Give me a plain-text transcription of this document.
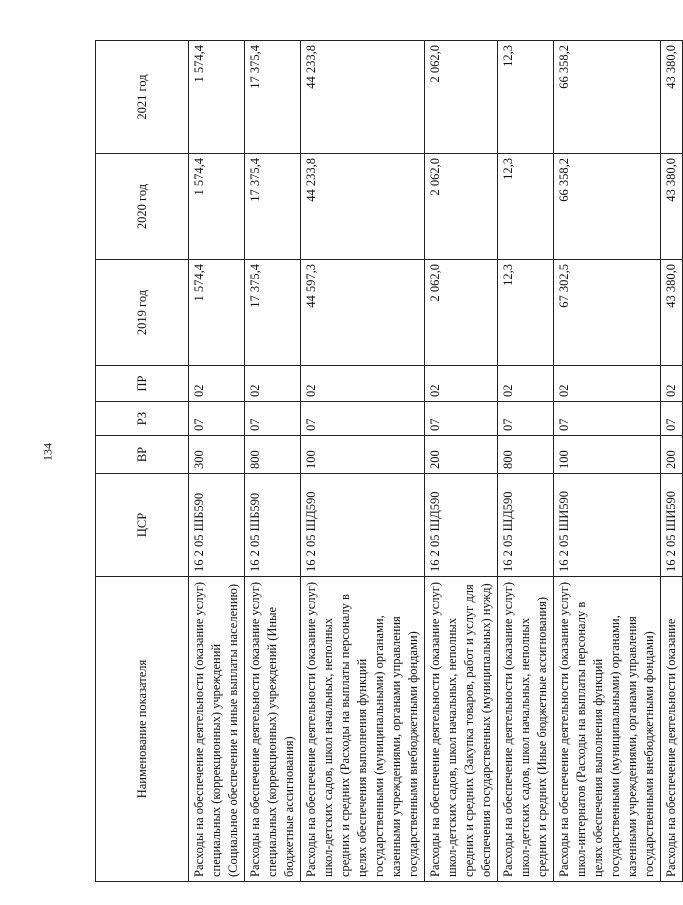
134
Наименование показателя	ЦСР	ВР	РЗ	ПР	2019 год	2020 год	2021 год
Расходы на обеспечение деятельности (оказание услуг) специальных (коррекционных) учреждений (Социальное обеспечение и иные выплаты населению)	16 2 05 ШБ590	300	07	02	1 574,4	1 574,4	1 574,4
Расходы на обеспечение деятельности (оказание услуг) специальных (коррекционных) учреждений (Иные бюджетные ассигнования)	16 2 05 ШБ590	800	07	02	17 375,4	17 375,4	17 375,4
Расходы на обеспечение деятельности (оказание услуг) школ-детских садов, школ начальных, неполных средних и средних (Расходы на выплаты персоналу в целях обеспечения выполнения функций государственными (муниципальными) органами, казенными учреждениями, органами управления государственными внебюджетными фондами)	16 2 05 ШД590	100	07	02	44 597,3	44 233,8	44 233,8
Расходы на обеспечение деятельности (оказание услуг) школ-детских садов, школ начальных, неполных средних и средних (Закупка товаров, работ и услуг для обеспечения государственных (муниципальных) нужд)	16 2 05 ШД590	200	07	02	2 062,0	2 062,0	2 062,0
Расходы на обеспечение деятельности (оказание услуг) школ-детских садов, школ начальных, неполных средних и средних (Иные бюджетные ассигнования)	16 2 05 ШД590	800	07	02	12,3	12,3	12,3
Расходы на обеспечение деятельности (оказание услуг) школ-интернатов (Расходы на выплаты персоналу в целях обеспечения выполнения функций государственными (муниципальными) органами, казенными учреждениями, органами управления государственными внебюджетными фондами)	16 2 05 ШИ590	100	07	02	67 302,5	66 358,2	66 358,2
Расходы на обеспечение деятельности (оказание	16 2 05 ШИ590	200	07	02	43 380,0	43 380,0	43 380,0
